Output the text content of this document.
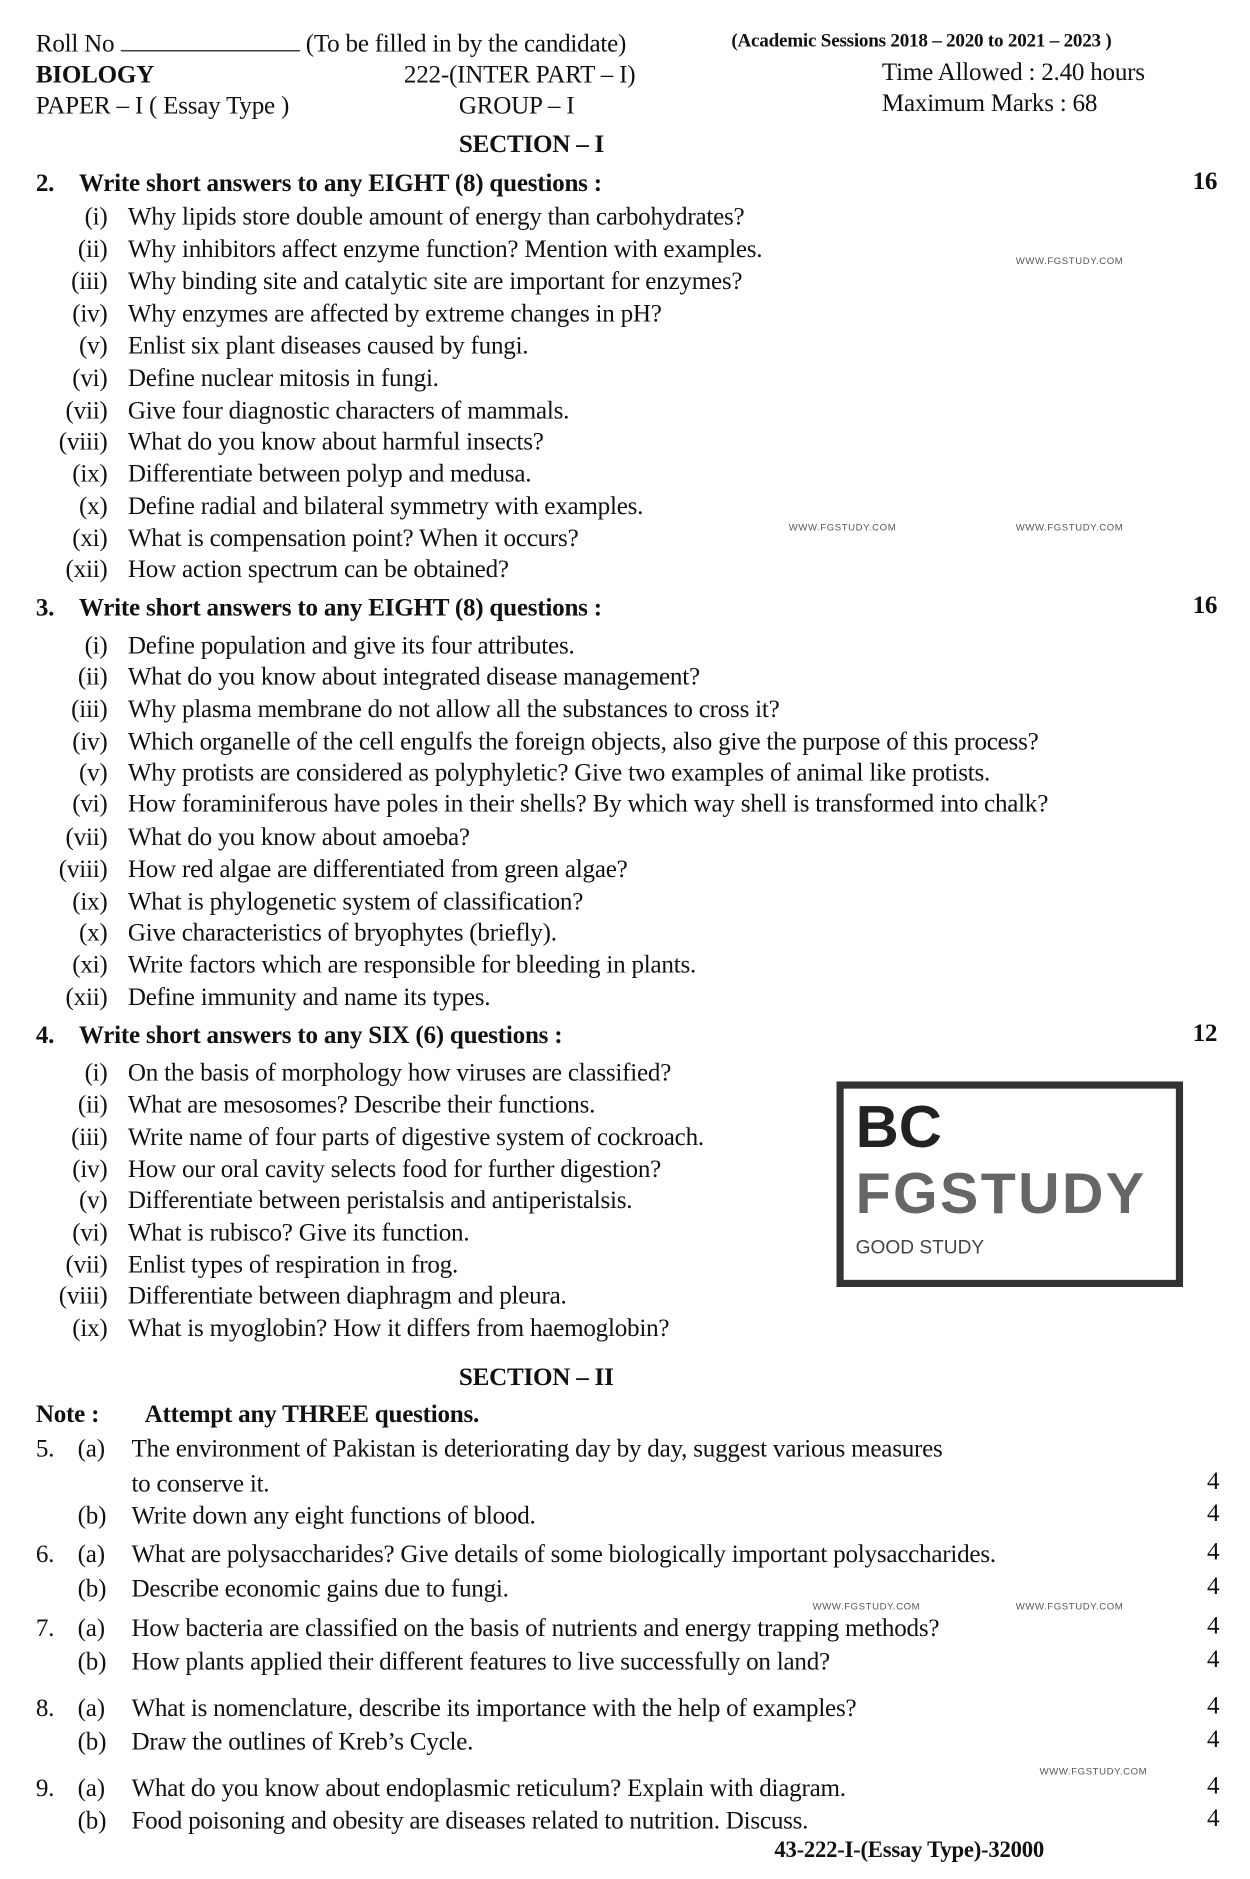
Roll No	(To be filled in by the candidate)	(Academic Sessions 2018 – 2020 to 2021 – 2023 )
BIOLOGY	222-(INTER PART – I)	Time Allowed : 2.40 hours
PAPER – I ( Essay Type )	GROUP – I	Maximum Marks : 68
SECTION – I
2. Write short answers to any EIGHT (8) questions :	16
(i) Why lipids store double amount of energy than carbohydrates?
(ii) Why inhibitors affect enzyme function? Mention with examples.
(iii) Why binding site and catalytic site are important for enzymes?
(iv) Why enzymes are affected by extreme changes in pH?
(v) Enlist six plant diseases caused by fungi.
(vi) Define nuclear mitosis in fungi.
(vii) Give four diagnostic characters of mammals.
(viii) What do you know about harmful insects?
(ix) Differentiate between polyp and medusa.
(x) Define radial and bilateral symmetry with examples.
(xi) What is compensation point? When it occurs?
(xii) How action spectrum can be obtained?
3. Write short answers to any EIGHT (8) questions :	16
(i) Define population and give its four attributes.
(ii) What do you know about integrated disease management?
(iii) Why plasma membrane do not allow all the substances to cross it?
(iv) Which organelle of the cell engulfs the foreign objects, also give the purpose of this process?
(v) Why protists are considered as polyphyletic? Give two examples of animal like protists.
(vi) How foraminiferous have poles in their shells? By which way shell is transformed into chalk?
(vii) What do you know about amoeba?
(viii) How red algae are differentiated from green algae?
(ix) What is phylogenetic system of classification?
(x) Give characteristics of bryophytes (briefly).
(xi) Write factors which are responsible for bleeding in plants.
(xii) Define immunity and name its types.
4. Write short answers to any SIX (6) questions :	12
(i) On the basis of morphology how viruses are classified?
(ii) What are mesosomes? Describe their functions.
(iii) Write name of four parts of digestive system of cockroach.
(iv) How our oral cavity selects food for further digestion?
(v) Differentiate between peristalsis and antiperistalsis.
(vi) What is rubisco? Give its function.
(vii) Enlist types of respiration in frog.
(viii) Differentiate between diaphragm and pleura.
(ix) What is myoglobin? How it differs from haemoglobin?
SECTION – II
Note : Attempt any THREE questions.
5. (a) The environment of Pakistan is deteriorating day by day, suggest various measures
to conserve it.	4
(b) Write down any eight functions of blood.	4
6. (a) What are polysaccharides? Give details of some biologically important polysaccharides.	4
(b) Describe economic gains due to fungi.	4
7. (a) How bacteria are classified on the basis of nutrients and energy trapping methods?	4
(b) How plants applied their different features to live successfully on land?	4
8. (a) What is nomenclature, describe its importance with the help of examples?	4
(b) Draw the outlines of Kreb’s Cycle.	4
9. (a) What do you know about endoplasmic reticulum? Explain with diagram.	4
(b) Food poisoning and obesity are diseases related to nutrition. Discuss.	4
43-222-I-(Essay Type)-32000
BC
FGSTUDY
GOOD STUDY
WWW.FGSTUDY.COM
WWW.FGSTUDY.COM	WWW.FGSTUDY.COM
WWW.FGSTUDY.COM	WWW.FGSTUDY.COM
WWW.FGSTUDY.COM
